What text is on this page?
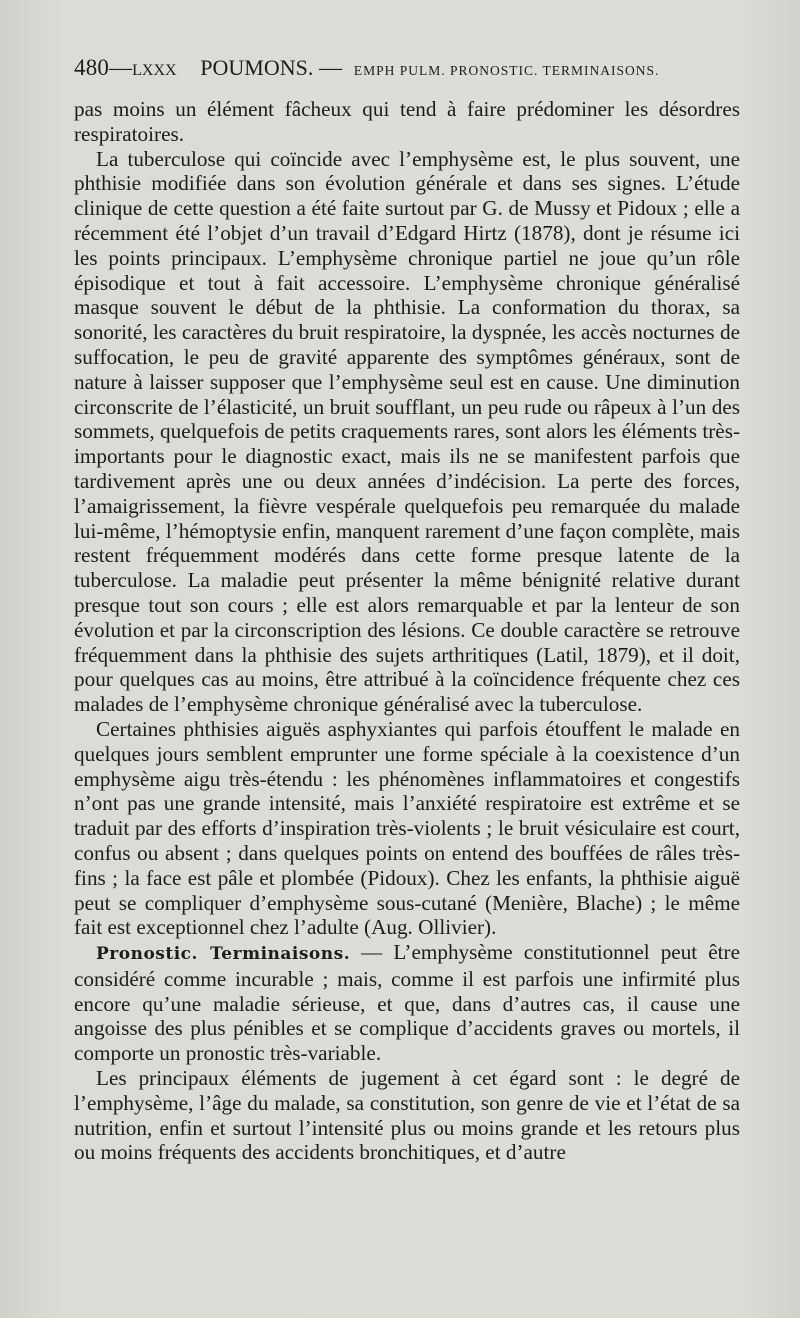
480—LXXX POUMONS. — EMPH PULM. PRONOSTIC. TERMINAISONS.

pas moins un élément fâcheux qui tend à faire prédominer les désordres respiratoires.

La tuberculose qui coïncide avec l’emphysème est, le plus souvent, une phthisie modifiée dans son évolution générale et dans ses signes. L’étude clinique de cette question a été faite surtout par G. de Mussy et Pidoux ; elle a récemment été l’objet d’un travail d’Edgard Hirtz (1878), dont je résume ici les points principaux. L’emphysème chronique partiel ne joue qu’un rôle épisodique et tout à fait accessoire. L’emphysème chronique généralisé masque souvent le début de la phthisie. La conformation du thorax, sa sonorité, les caractères du bruit respiratoire, la dyspnée, les accès nocturnes de suffocation, le peu de gravité apparente des symptômes généraux, sont de nature à laisser supposer que l’emphysème seul est en cause. Une diminution circonscrite de l’élasticité, un bruit soufflant, un peu rude ou râpeux à l’un des sommets, quelquefois de petits craquements rares, sont alors les éléments très-importants pour le diagnostic exact, mais ils ne se manifestent parfois que tardivement après une ou deux années d’indécision. La perte des forces, l’amaigrissement, la fièvre vespérale quelquefois peu remarquée du malade lui-même, l’hémoptysie enfin, manquent rarement d’une façon complète, mais restent fréquemment modérés dans cette forme presque latente de la tuberculose. La maladie peut présenter la même bénignité relative durant presque tout son cours ; elle est alors remarquable et par la lenteur de son évolution et par la circonscription des lésions. Ce double caractère se retrouve fréquemment dans la phthisie des sujets arthritiques (Latil, 1879), et il doit, pour quelques cas au moins, être attribué à la coïncidence fréquente chez ces malades de l’emphysème chronique généralisé avec la tuberculose.

Certaines phthisies aiguës asphyxiantes qui parfois étouffent le malade en quelques jours semblent emprunter une forme spéciale à la coexistence d’un emphysème aigu très-étendu : les phénomènes inflammatoires et congestifs n’ont pas une grande intensité, mais l’anxiété respiratoire est extrême et se traduit par des efforts d’inspiration très-violents ; le bruit vésiculaire est court, confus ou absent ; dans quelques points on entend des bouffées de râles très-fins ; la face est pâle et plombée (Pidoux). Chez les enfants, la phthisie aiguë peut se compliquer d’emphysème sous-cutané (Menière, Blache) ; le même fait est exceptionnel chez l’adulte (Aug. Ollivier).

Pronostic. Terminaisons. — L’emphysème constitutionnel peut être considéré comme incurable ; mais, comme il est parfois une infirmité plus encore qu’une maladie sérieuse, et que, dans d’autres cas, il cause une angoisse des plus pénibles et se complique d’accidents graves ou mortels, il comporte un pronostic très-variable.

Les principaux éléments de jugement à cet égard sont : le degré de l’emphysème, l’âge du malade, sa constitution, son genre de vie et l’état de sa nutrition, enfin et surtout l’intensité plus ou moins grande et les retours plus ou moins fréquents des accidents bronchitiques, et d’autre
